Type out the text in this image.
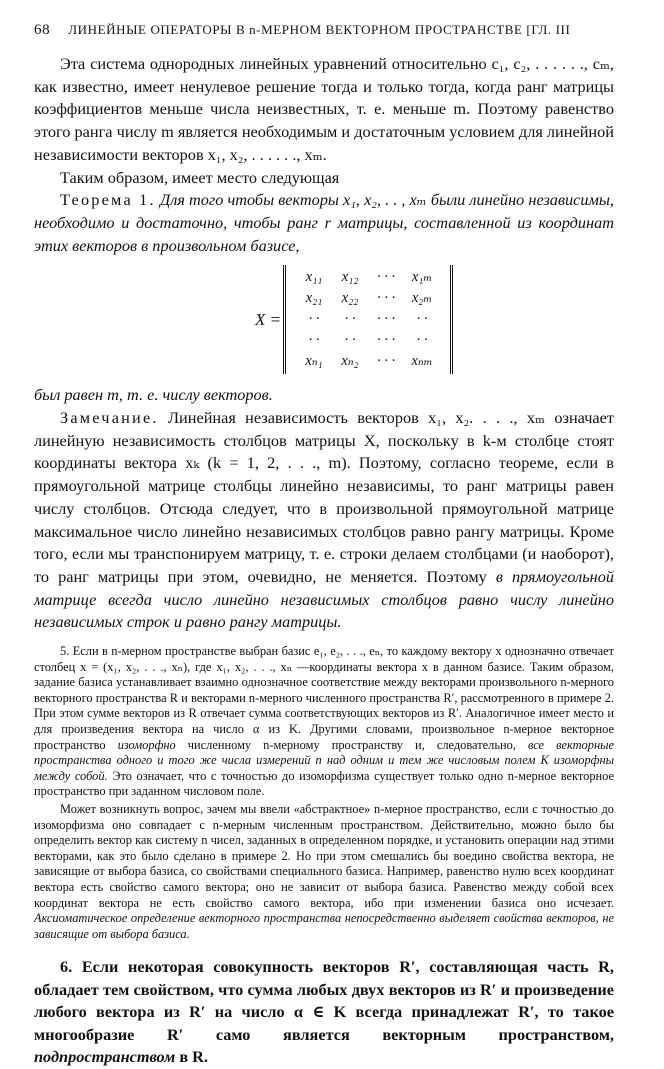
68 ЛИНЕЙНЫЕ ОПЕРАТОРЫ В n-МЕРНОМ ВЕКТОРНОМ ПРОСТРАНСТВЕ [ГЛ. III

Эта система однородных линейных уравнений относительно c₁, c₂, . . . . . ., cₘ, как известно, имеет ненулевое решение тогда и только тогда, когда ранг матрицы коэффициентов меньше числа неизвестных, т. е. меньше m. Поэтому равенство этого ранга числу m является необходимым и достаточным условием для линейной независимости векторов x₁, x₂, . . . . . ., xₘ.

Таким образом, имеет место следующая

Теорема 1. Для того чтобы векторы x₁, x₂, . . , xₘ были линейно независимы, необходимо и достаточно, чтобы ранг r матрицы, составленной из координат этих векторов в произвольном базисе,

X =
x₁₁	x₁₂	· · ·	x₁ₘ
x₂₁	x₂₂	· · ·	x₂ₘ
· ·	· ·	· · ·	· ·
· ·	· ·	· · ·	· ·
xₙ₁	xₙ₂	· · ·	xₙₘ

был равен m, т. е. числу векторов.

Замечание. Линейная независимость векторов x₁, x₂. . . ., xₘ означает линейную независимость столбцов матрицы X, поскольку в k-м столбце стоят координаты вектора xₖ (k = 1, 2, . . ., m). Поэтому, согласно теореме, если в прямоугольной матрице столбцы линейно независимы, то ранг матрицы равен числу столбцов. Отсюда следует, что в произвольной прямоугольной матрице максимальное число линейно независимых столбцов равно рангу матрицы. Кроме того, если мы транспонируем матрицу, т. е. строки делаем столбцами (и наоборот), то ранг матрицы при этом, очевидно, не меняется. Поэтому в прямоугольной матрице всегда число линейно независимых столбцов равно числу линейно независимых строк и равно рангу матрицы.

5. Если в n-мерном пространстве выбран базис e₁, e₂, . . ., eₙ, то каждому вектору x однозначно отвечает столбец x = (x₁, x₂, . . ., xₙ), где x₁, x₂, . . ., xₙ —координаты вектора x в данном базисе. Таким образом, задание базиса устанавливает взаимно однозначное соответствие между векторами произвольного n-мерного векторного пространства R и векторами n-мерного численного пространства R′, рассмотренного в примере 2. При этом сумме векторов из R отвечает сумма соответствующих векторов из R′. Аналогичное имеет место и для произведения вектора на число α из K. Другими словами, произвольное n-мерное векторное пространство изоморфно численному n-мерному пространству и, следовательно, все векторные пространства одного и того же числа измерений n над одним и тем же числовым полем K изоморфны между собой. Это означает, что с точностью до изоморфизма существует только одно n-мерное векторное пространство при заданном числовом поле.

Может возникнуть вопрос, зачем мы ввели «абстрактное» n-мерное пространство, если с точностью до изоморфизма оно совпадает с n-мерным численным пространством. Действительно, можно было бы определить вектор как систему n чисел, заданных в определенном порядке, и установить операции над этими векторами, как это было сделано в примере 2. Но при этом смешались бы воедино свойства вектора, не зависящие от выбора базиса, со свойствами специального базиса. Например, равенство нулю всех координат вектора есть свойство самого вектора; оно не зависит от выбора базиса. Равенство между собой всех координат вектора не есть свойство самого вектора, ибо при изменении базиса оно исчезает. Аксиоматическое определение векторного пространства непосредственно выделяет свойства векторов, не зависящие от выбора базиса.

6. Если некоторая совокупность векторов R′, составляющая часть R, обладает тем свойством, что сумма любых двух векторов из R′ и произведение любого вектора из R′ на число α ∈ K всегда принадлежат R′, то такое многообразие R′ само является векторным пространством, подпространством в R.
